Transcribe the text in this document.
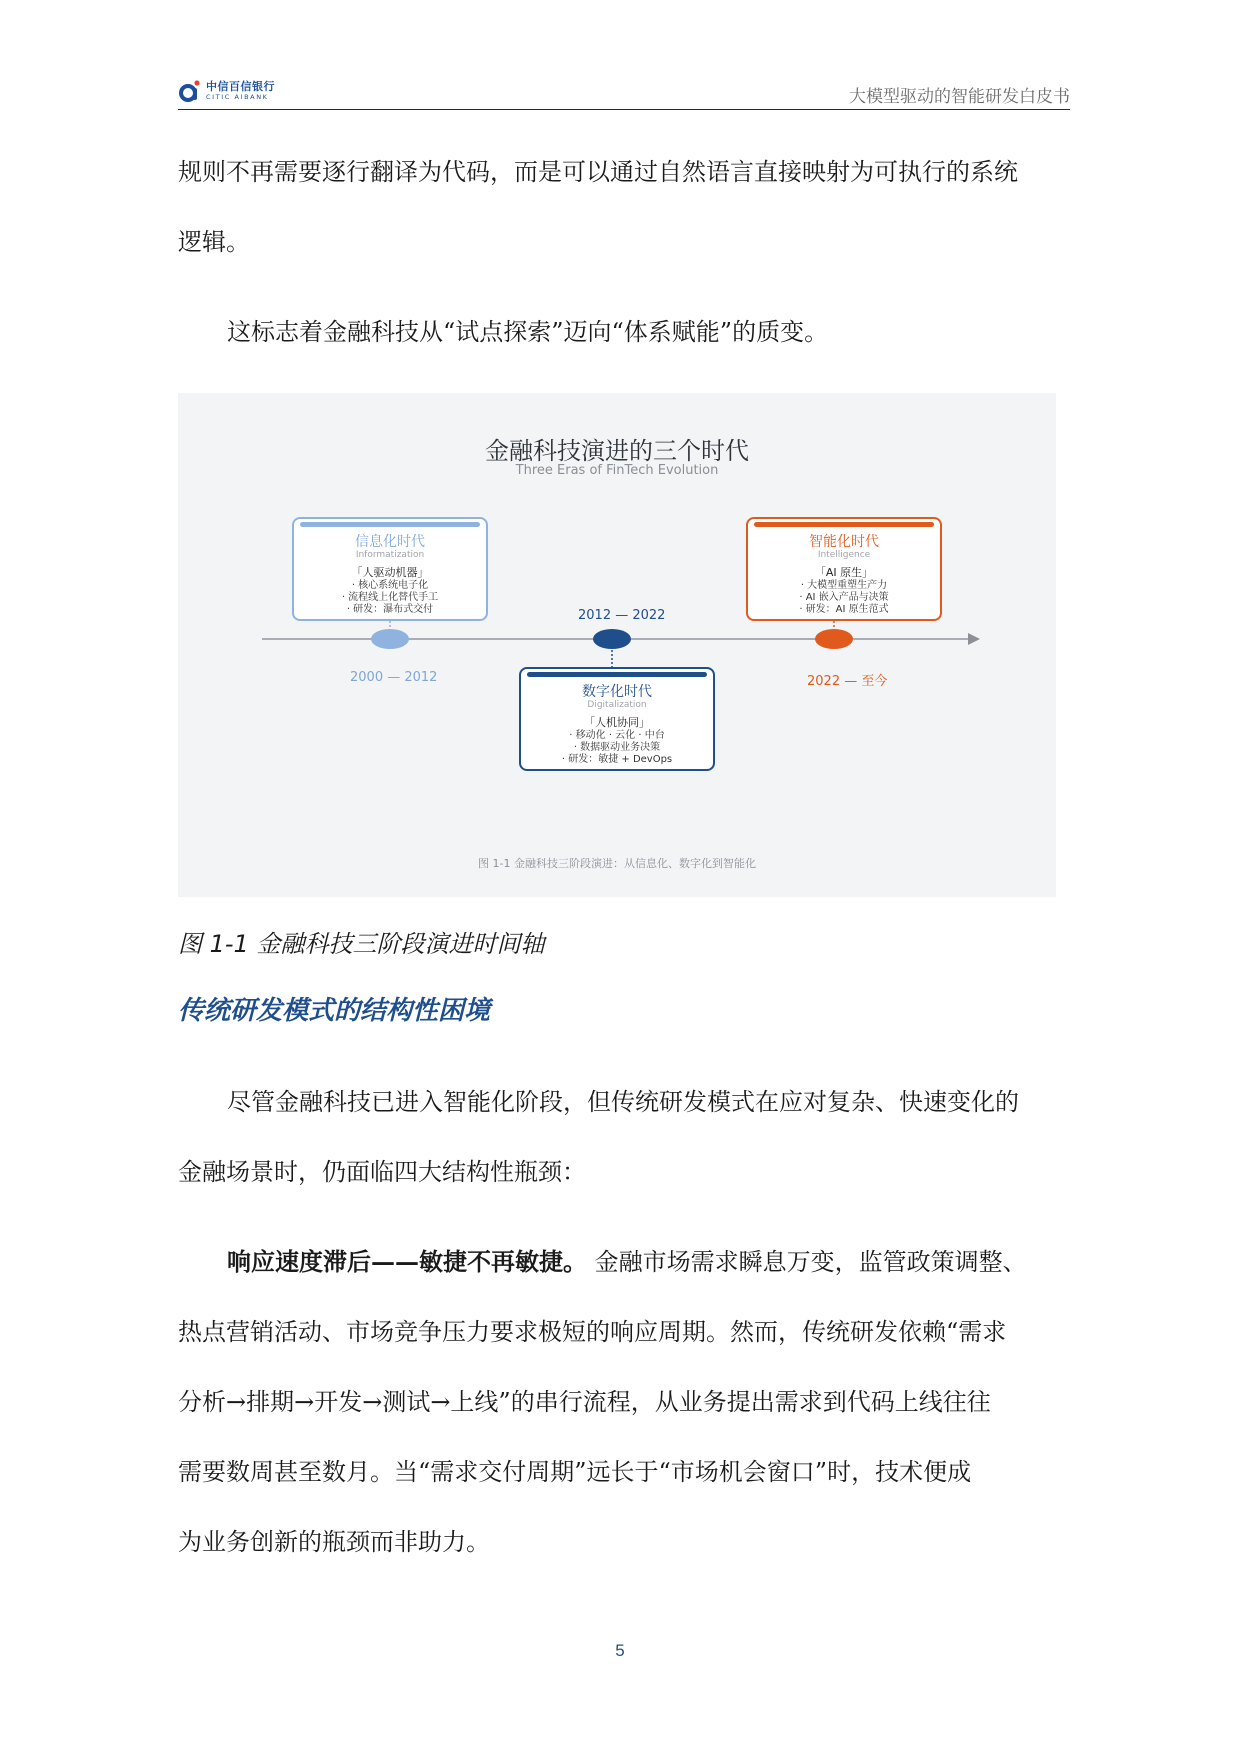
中信百信银行
CITIC AIBANK	大模型驱动的智能研发白皮书
规则不再需要逐行翻译为代码，而是可以通过自然语言直接映射为可执行的系统
逻辑。
这标志着金融科技从“试点探索”迈向“体系赋能”的质变。
金融科技演进的三个时代
Three Eras of FinTech Evolution
信息化时代
Informatization
「人驱动机器」
· 核心系统电子化
· 流程线上化替代手工
· 研发：瀑布式交付
数字化时代
Digitalization
「人机协同」
· 移动化 · 云化 · 中台
· 数据驱动业务决策
· 研发：敏捷 + DevOps
智能化时代
Intelligence
「AI 原生」
· 大模型重塑生产力
· AI 嵌入产品与决策
· 研发：AI 原生范式
2000 — 2012
2012 — 2022
2022 — 至今
图 1-1 金融科技三阶段演进：从信息化、数字化到智能化
图 1-1 金融科技三阶段演进时间轴
传统研发模式的结构性困境
尽管金融科技已进入智能化阶段，但传统研发模式在应对复杂、快速变化的
金融场景时，仍面临四大结构性瓶颈：
响应速度滞后——敏捷不再敏捷。 金融市场需求瞬息万变，监管政策调整、
热点营销活动、市场竞争压力要求极短的响应周期。然而，传统研发依赖“需求
分析→排期→开发→测试→上线”的串行流程，从业务提出需求到代码上线往往
需要数周甚至数月。当“需求交付周期”远长于“市场机会窗口”时，技术便成
为业务创新的瓶颈而非助力。
5
